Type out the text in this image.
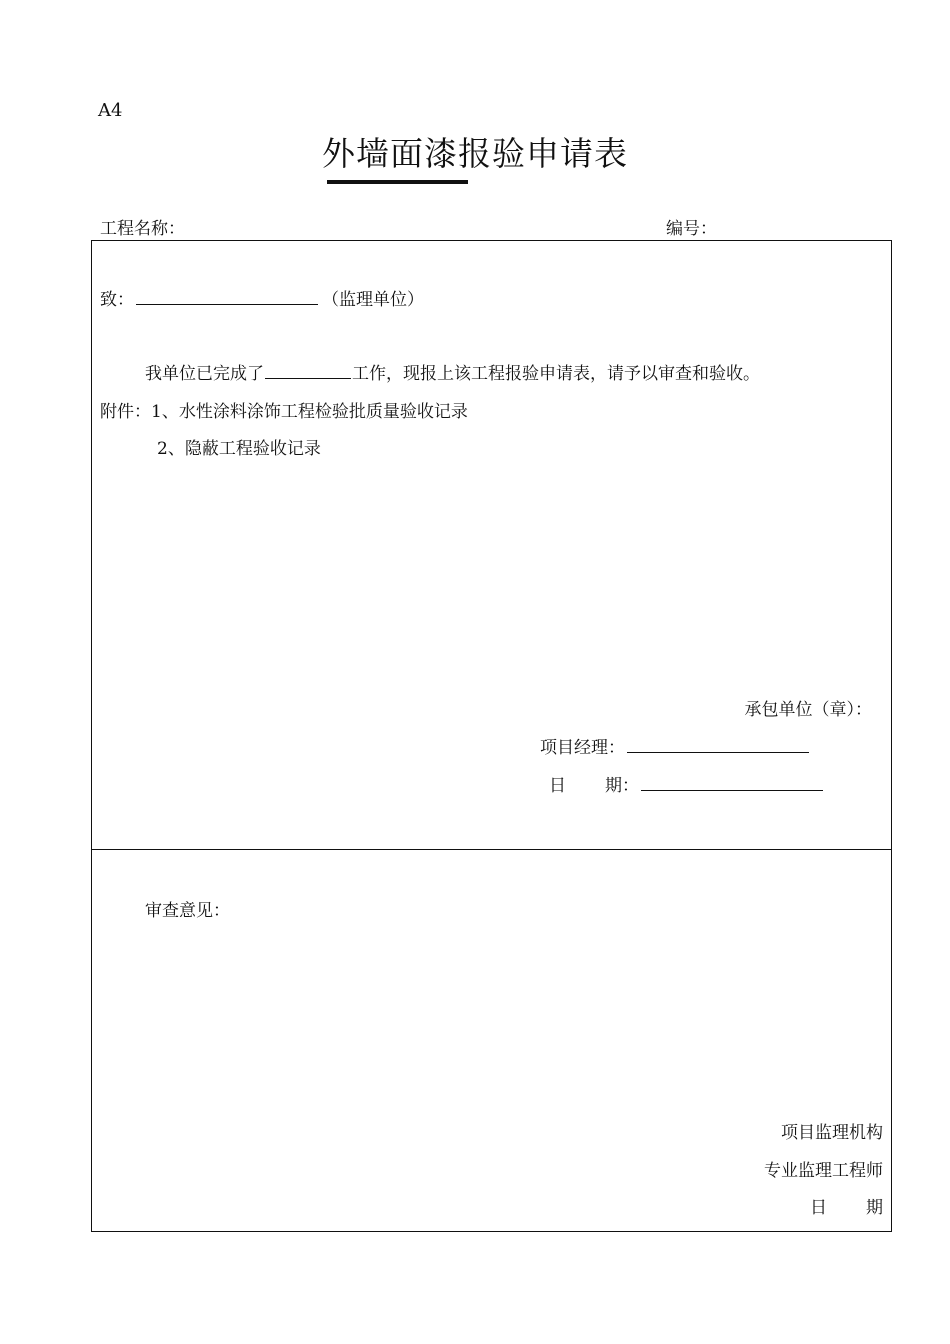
A4
外墙面漆报验申请表
工程名称：	编号：
致：	（监理单位）
我单位已完成了	工作，现报上该工程报验申请表，请予以审查和验收。
附件：1、水性涂料涂饰工程检验批质量验收记录
2、隐蔽工程验收记录
承包单位（章）：
项目经理：
日 期：
审查意见：
项目监理机构
专业监理工程师
日 期
